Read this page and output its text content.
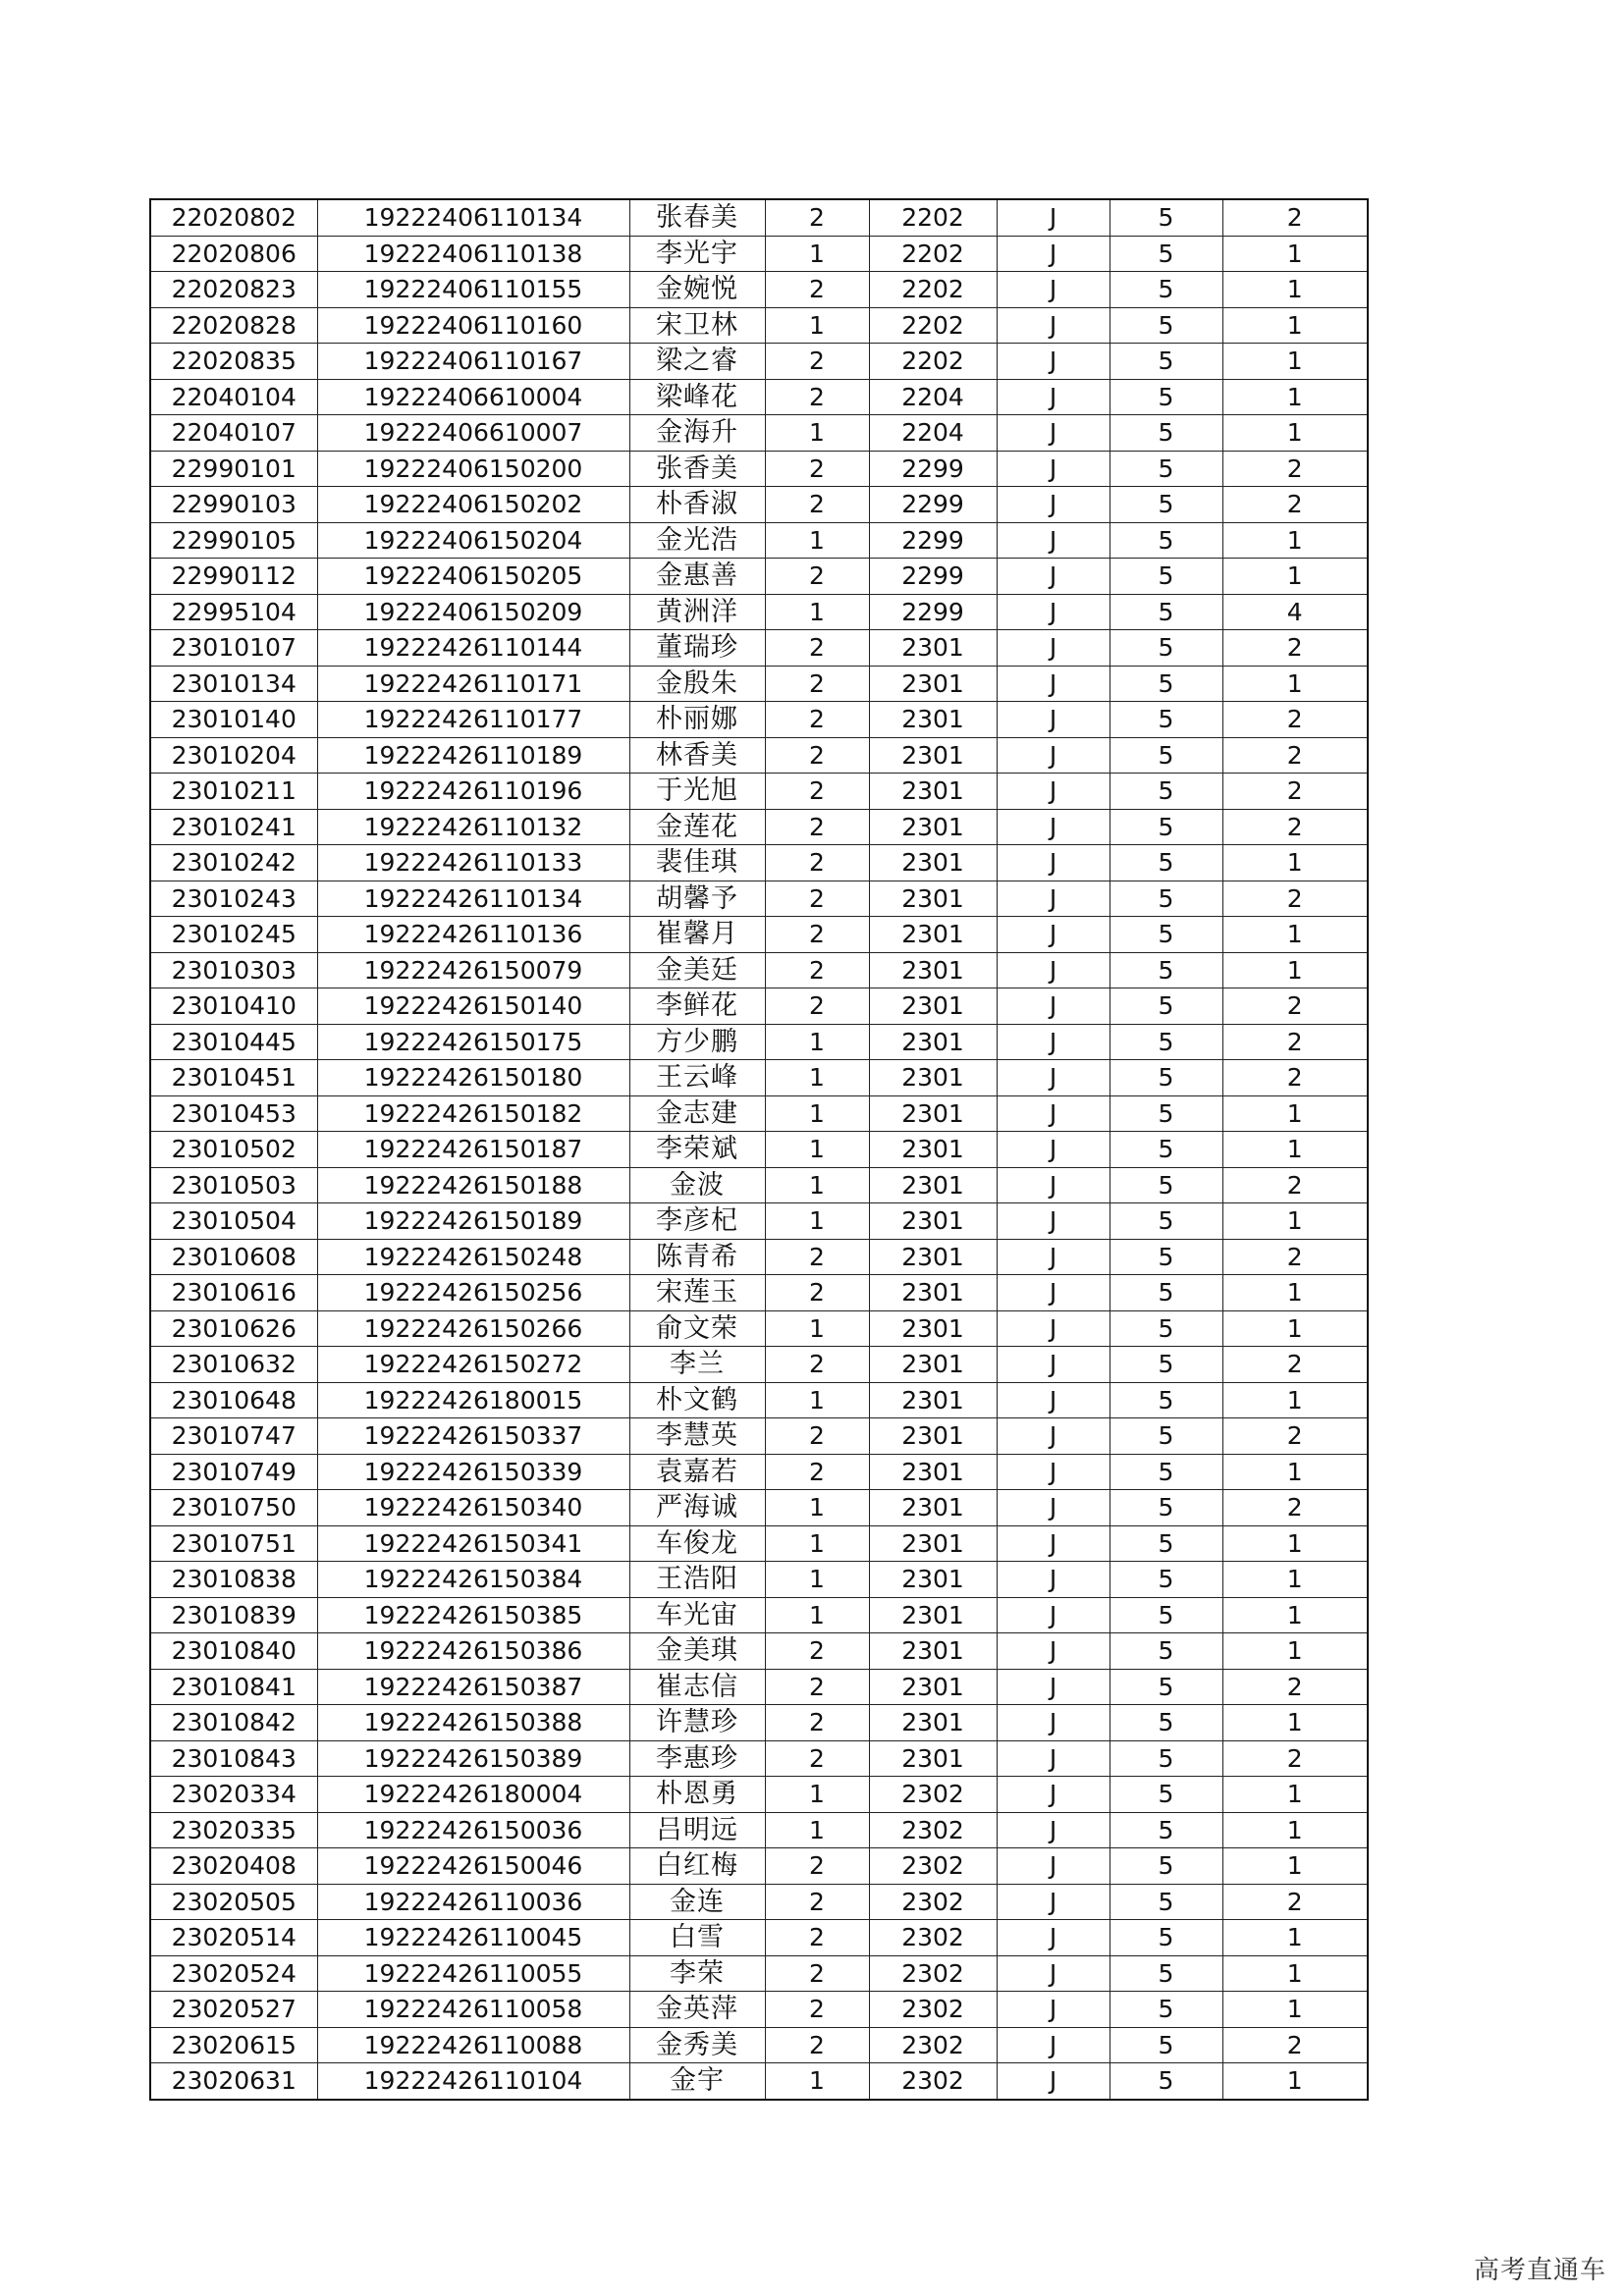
22020802	19222406110134	张春美	2	2202	J	5	2
22020806	19222406110138	李光宇	1	2202	J	5	1
22020823	19222406110155	金婉悦	2	2202	J	5	1
22020828	19222406110160	宋卫林	1	2202	J	5	1
22020835	19222406110167	梁之睿	2	2202	J	5	1
22040104	19222406610004	梁峰花	2	2204	J	5	1
22040107	19222406610007	金海升	1	2204	J	5	1
22990101	19222406150200	张香美	2	2299	J	5	2
22990103	19222406150202	朴香淑	2	2299	J	5	2
22990105	19222406150204	金光浩	1	2299	J	5	1
22990112	19222406150205	金惠善	2	2299	J	5	1
22995104	19222406150209	黄洲洋	1	2299	J	5	4
23010107	19222426110144	董瑞珍	2	2301	J	5	2
23010134	19222426110171	金殷朱	2	2301	J	5	1
23010140	19222426110177	朴丽娜	2	2301	J	5	2
23010204	19222426110189	林香美	2	2301	J	5	2
23010211	19222426110196	于光旭	2	2301	J	5	2
23010241	19222426110132	金莲花	2	2301	J	5	2
23010242	19222426110133	裴佳琪	2	2301	J	5	1
23010243	19222426110134	胡馨予	2	2301	J	5	2
23010245	19222426110136	崔馨月	2	2301	J	5	1
23010303	19222426150079	金美廷	2	2301	J	5	1
23010410	19222426150140	李鲜花	2	2301	J	5	2
23010445	19222426150175	方少鹏	1	2301	J	5	2
23010451	19222426150180	王云峰	1	2301	J	5	2
23010453	19222426150182	金志建	1	2301	J	5	1
23010502	19222426150187	李荣斌	1	2301	J	5	1
23010503	19222426150188	金波	1	2301	J	5	2
23010504	19222426150189	李彦杞	1	2301	J	5	1
23010608	19222426150248	陈青希	2	2301	J	5	2
23010616	19222426150256	宋莲玉	2	2301	J	5	1
23010626	19222426150266	俞文荣	1	2301	J	5	1
23010632	19222426150272	李兰	2	2301	J	5	2
23010648	19222426180015	朴文鹤	1	2301	J	5	1
23010747	19222426150337	李慧英	2	2301	J	5	2
23010749	19222426150339	袁嘉若	2	2301	J	5	1
23010750	19222426150340	严海诚	1	2301	J	5	2
23010751	19222426150341	车俊龙	1	2301	J	5	1
23010838	19222426150384	王浩阳	1	2301	J	5	1
23010839	19222426150385	车光宙	1	2301	J	5	1
23010840	19222426150386	金美琪	2	2301	J	5	1
23010841	19222426150387	崔志信	2	2301	J	5	2
23010842	19222426150388	许慧珍	2	2301	J	5	1
23010843	19222426150389	李惠珍	2	2301	J	5	2
23020334	19222426180004	朴恩勇	1	2302	J	5	1
23020335	19222426150036	吕明远	1	2302	J	5	1
23020408	19222426150046	白红梅	2	2302	J	5	1
23020505	19222426110036	金连	2	2302	J	5	2
23020514	19222426110045	白雪	2	2302	J	5	1
23020524	19222426110055	李荣	2	2302	J	5	1
23020527	19222426110058	金英萍	2	2302	J	5	1
23020615	19222426110088	金秀美	2	2302	J	5	2
23020631	19222426110104	金宇	1	2302	J	5	1
高考直通车
